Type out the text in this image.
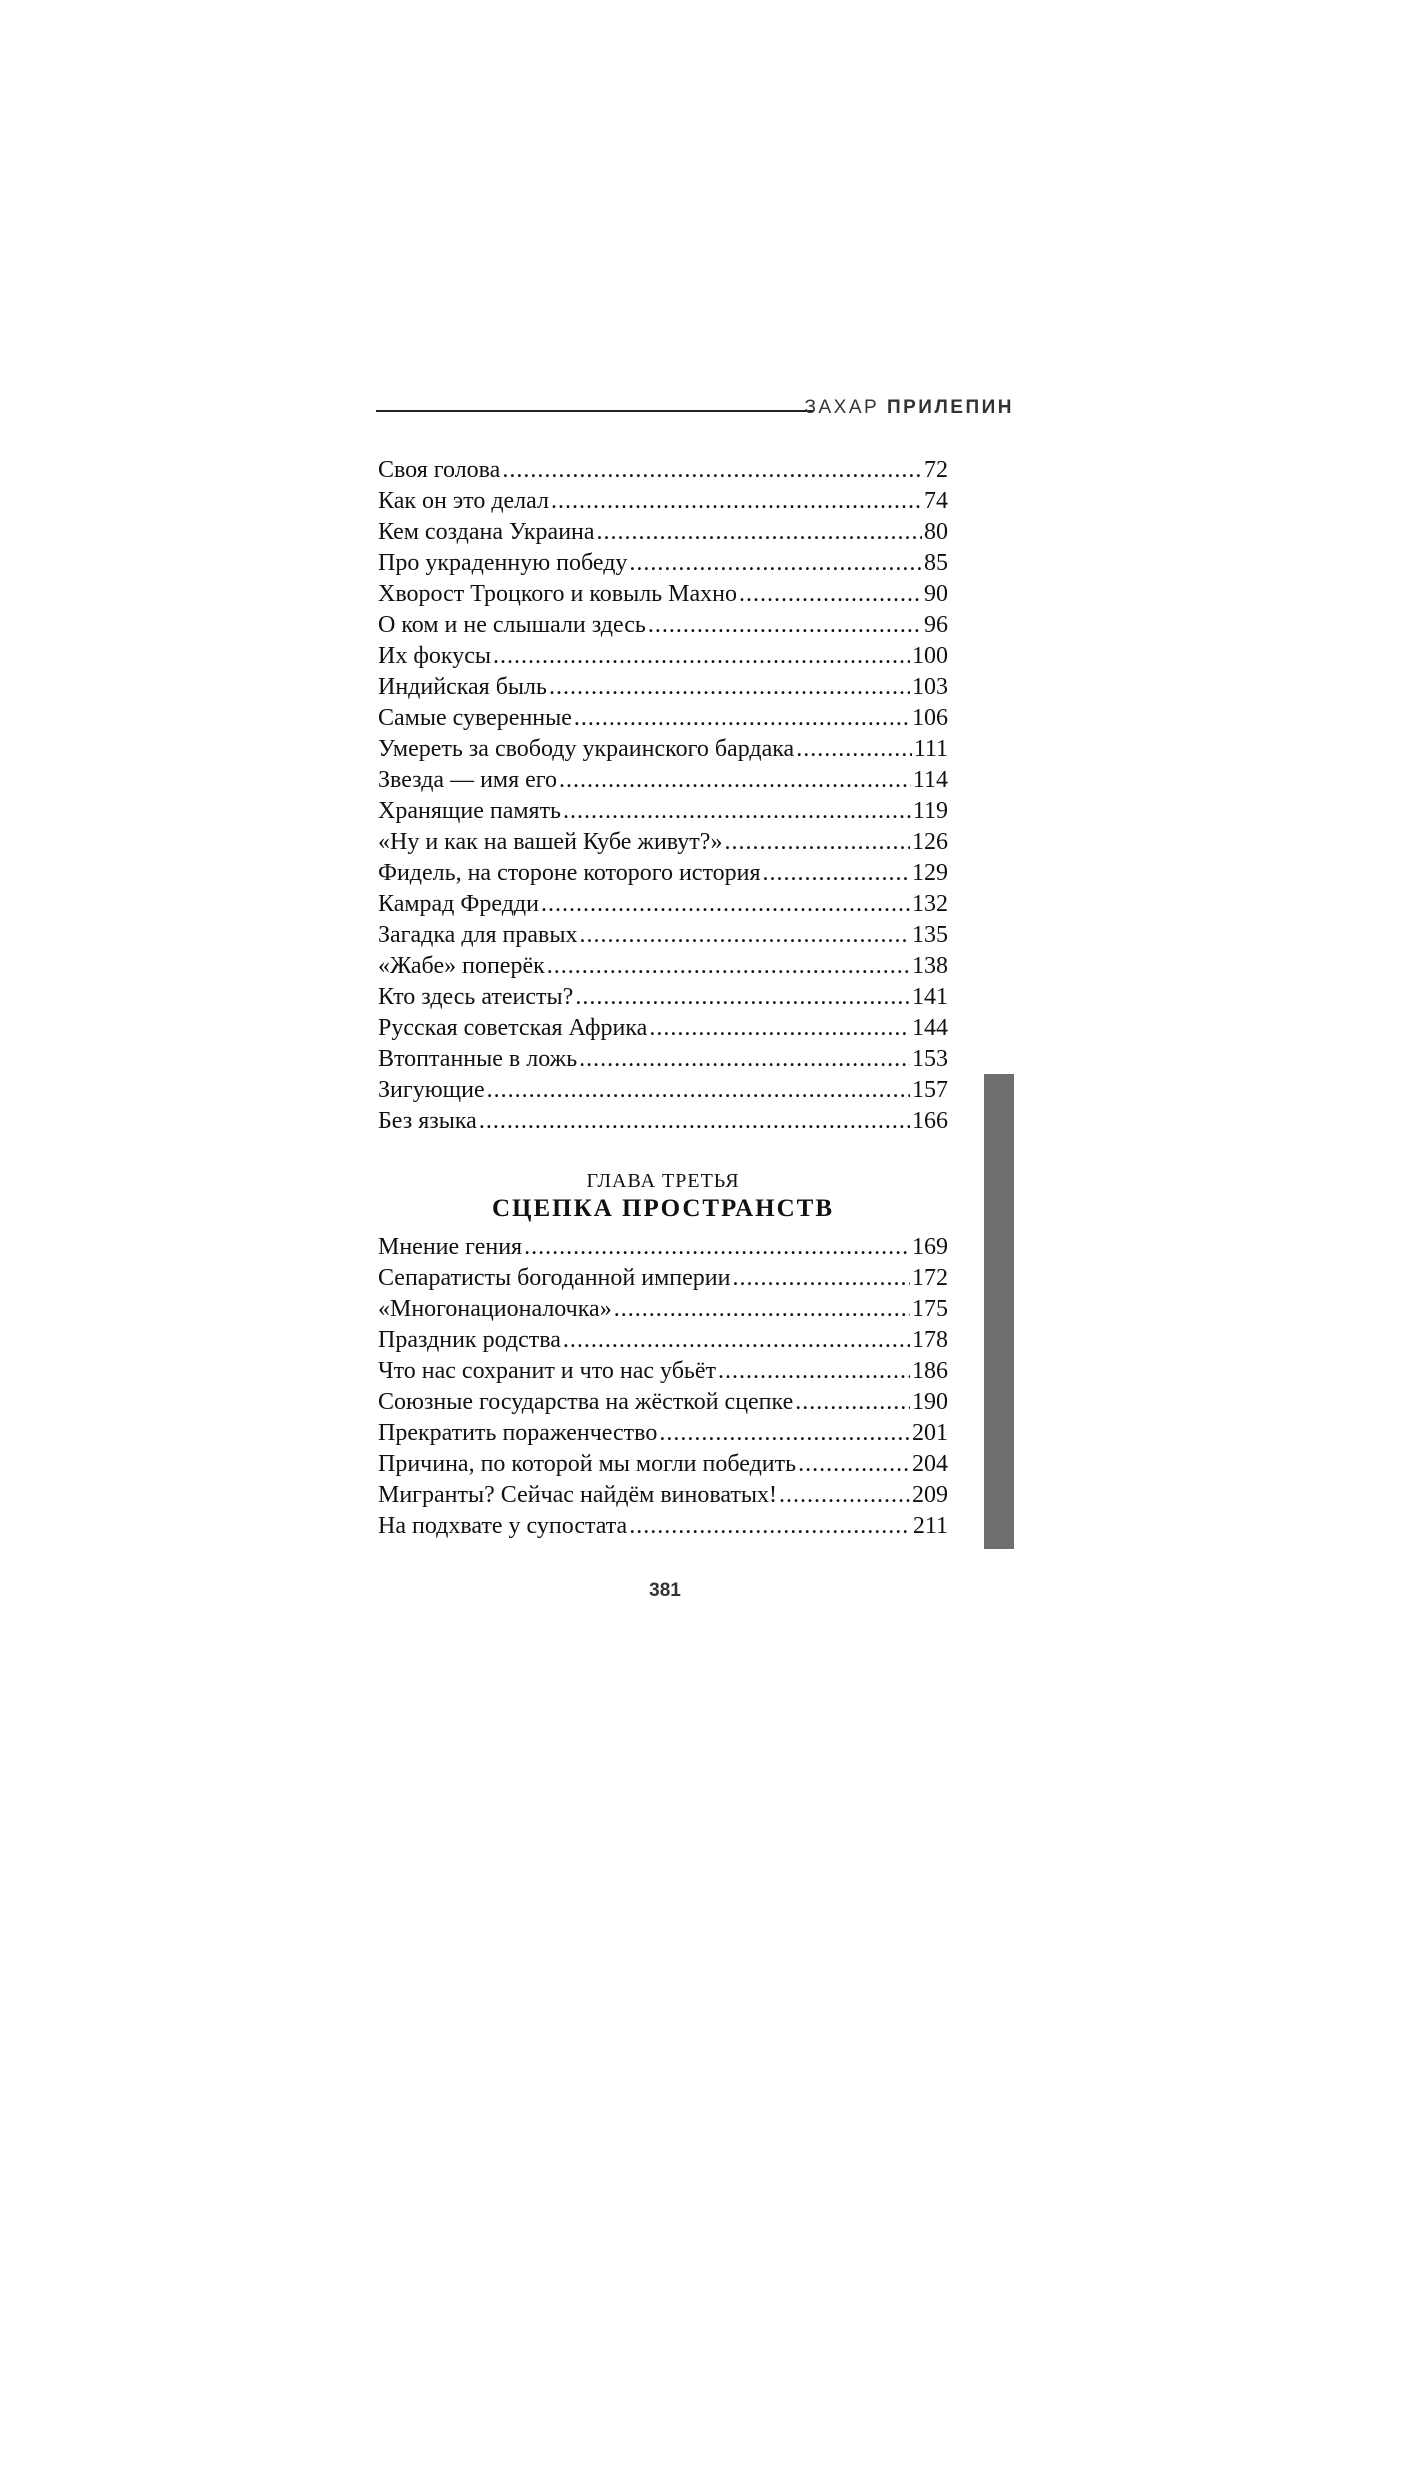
ЗАХАР ПРИЛЕПИН
Своя голова .....	72
Как он это делал .....	74
Кем создана Украина .....	80
Про украденную победу .....	85
Хворост Троцкого и ковыль Махно .....	90
О ком и не слышали здесь .....	96
Их фокусы .....	100
Индийская быль .....	103
Самые суверенные .....	106
Умереть за свободу украинского бардака .....	111
Звезда — имя его .....	114
Хранящие память .....	119
«Ну и как на вашей Кубе живут?» .....	126
Фидель, на стороне которого история .....	129
Камрад Фредди .....	132
Загадка для правых .....	135
«Жабе» поперёк .....	138
Кто здесь атеисты? .....	141
Русская советская Африка .....	144
Втоптанные в ложь .....	153
Зигующие .....	157
Без языка .....	166
ГЛАВА ТРЕТЬЯ
СЦЕПКА ПРОСТРАНСТВ
Мнение гения .....	169
Сепаратисты богоданной империи .....	172
«Многонационалочка» .....	175
Праздник родства .....	178
Что нас сохранит и что нас убьёт .....	186
Союзные государства на жёсткой сцепке .....	190
Прекратить пораженчество .....	201
Причина, по которой мы могли победить .....	204
Мигранты? Сейчас найдём виноватых! .....	209
На подхвате у супостата .....	211
ОГЛАВЛЕНИЕ
381
